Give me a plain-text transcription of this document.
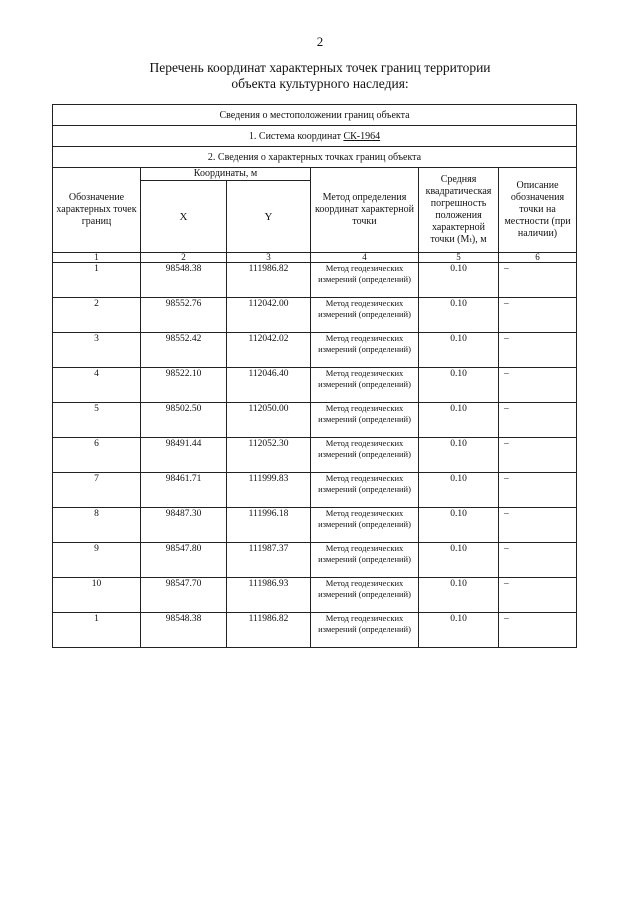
2
Перечень координат характерных точек границ территории
объекта культурного наследия:
Сведения о местоположении границ объекта					
1. Система координат СК-1964					
2. Сведения о характерных точках границ объекта					
Обозначение характерных точек границ	Координаты, м		Метод определения координат характерной точки	Средняя квадратическая погрешность положения характерной точки (Mₜ), м	Описание обозначения точки на местности (при наличии)
	X	Y			
1	2	3	4	5	6
1	98548.38	111986.82	Метод геодезических измерений (определений)	0.10	–
2	98552.76	112042.00	Метод геодезических измерений (определений)	0.10	–
3	98552.42	112042.02	Метод геодезических измерений (определений)	0.10	–
4	98522.10	112046.40	Метод геодезических измерений (определений)	0.10	–
5	98502.50	112050.00	Метод геодезических измерений (определений)	0.10	–
6	98491.44	112052.30	Метод геодезических измерений (определений)	0.10	–
7	98461.71	111999.83	Метод геодезических измерений (определений)	0.10	–
8	98487.30	111996.18	Метод геодезических измерений (определений)	0.10	–
9	98547.80	111987.37	Метод геодезических измерений (определений)	0.10	–
10	98547.70	111986.93	Метод геодезических измерений (определений)	0.10	–
1	98548.38	111986.82	Метод геодезических измерений (определений)	0.10	–
